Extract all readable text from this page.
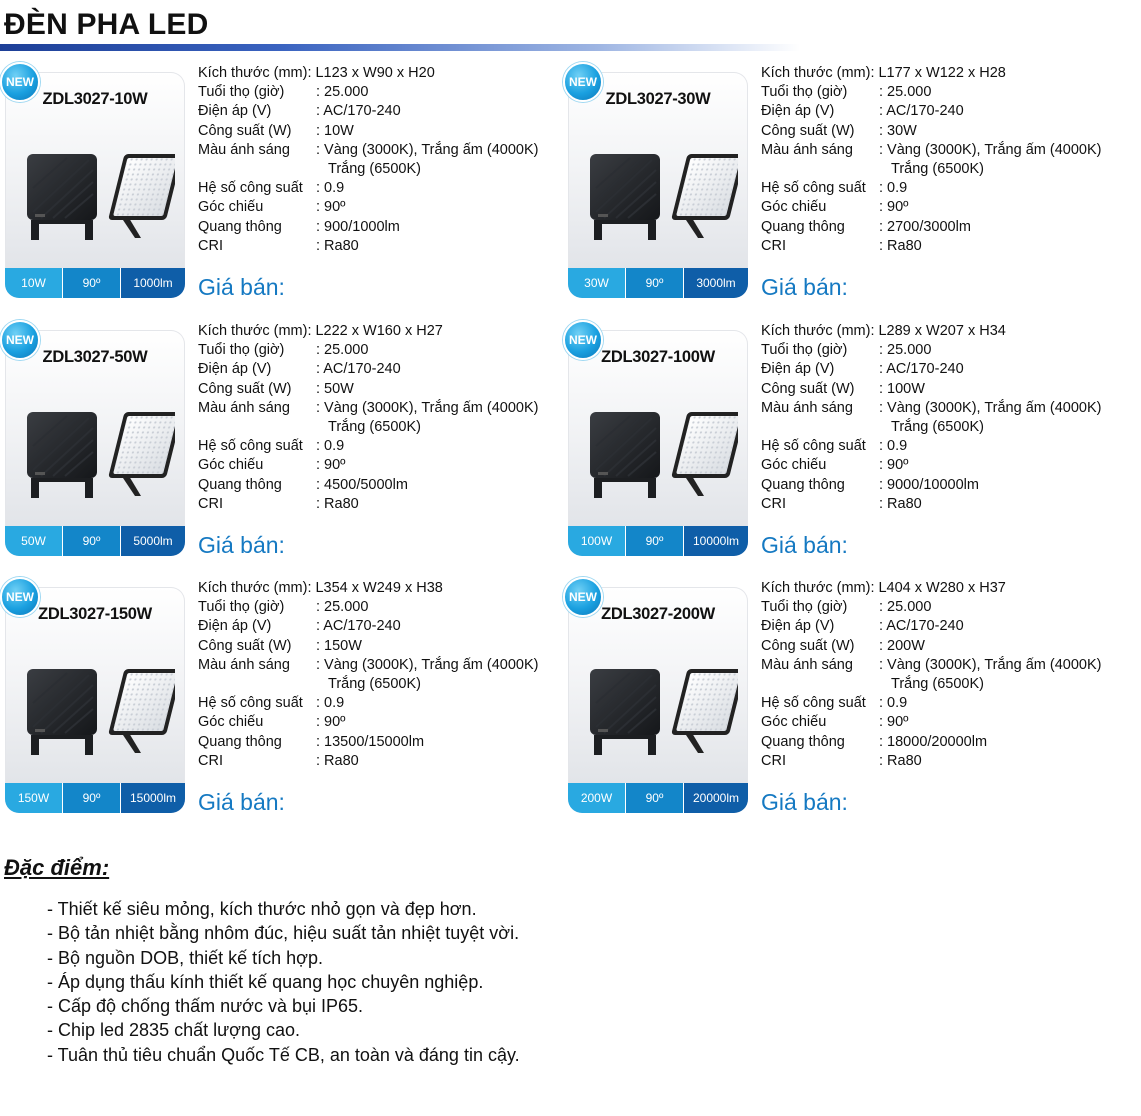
ĐÈN PHA LED
ZDL3027-10W
10W	90º	1000lm
NEW
Kích thước (mm): L123 x W90 x H20
Tuổi thọ (giờ)	: 25.000
Điện áp (V)	: AC/170-240
Công suất (W)	: 10W
Màu ánh sáng	: Vàng (3000K), Trắng ấm (4000K)
Trắng (6500K)
Hệ số công suất : 0.9
Góc chiếu	: 90º
Quang thông	: 900/1000lm
CRI	: Ra80
Giá bán:
ZDL3027-30W
30W	90º	3000lm
NEW
Kích thước (mm): L177 x W122 x H28
Tuổi thọ (giờ)	: 25.000
Điện áp (V)	: AC/170-240
Công suất (W)	: 30W
Màu ánh sáng	: Vàng (3000K), Trắng ấm (4000K)
Trắng (6500K)
Hệ số công suất : 0.9
Góc chiếu	: 90º
Quang thông	: 2700/3000lm
CRI	: Ra80
Giá bán:
ZDL3027-50W
50W	90º	5000lm
NEW
Kích thước (mm): L222 x W160 x H27
Tuổi thọ (giờ)	: 25.000
Điện áp (V)	: AC/170-240
Công suất (W)	: 50W
Màu ánh sáng	: Vàng (3000K), Trắng ấm (4000K)
Trắng (6500K)
Hệ số công suất : 0.9
Góc chiếu	: 90º
Quang thông	: 4500/5000lm
CRI	: Ra80
Giá bán:
ZDL3027-100W
100W	90º	10000lm
NEW
Kích thước (mm): L289 x W207 x H34
Tuổi thọ (giờ)	: 25.000
Điện áp (V)	: AC/170-240
Công suất (W)	: 100W
Màu ánh sáng	: Vàng (3000K), Trắng ấm (4000K)
Trắng (6500K)
Hệ số công suất : 0.9
Góc chiếu	: 90º
Quang thông	: 9000/10000lm
CRI	: Ra80
Giá bán:
ZDL3027-150W
150W	90º	15000lm
NEW
Kích thước (mm): L354 x W249 x H38
Tuổi thọ (giờ)	: 25.000
Điện áp (V)	: AC/170-240
Công suất (W)	: 150W
Màu ánh sáng	: Vàng (3000K), Trắng ấm (4000K)
Trắng (6500K)
Hệ số công suất : 0.9
Góc chiếu	: 90º
Quang thông	: 13500/15000lm
CRI	: Ra80
Giá bán:
ZDL3027-200W
200W	90º	20000lm
NEW
Kích thước (mm): L404 x W280 x H37
Tuổi thọ (giờ)	: 25.000
Điện áp (V)	: AC/170-240
Công suất (W)	: 200W
Màu ánh sáng	: Vàng (3000K), Trắng ấm (4000K)
Trắng (6500K)
Hệ số công suất : 0.9
Góc chiếu	: 90º
Quang thông	: 18000/20000lm
CRI	: Ra80
Giá bán:
Đặc điểm:
- Thiết kế siêu mỏng, kích thước nhỏ gọn và đẹp hơn.
- Bộ tản nhiệt bằng nhôm đúc, hiệu suất tản nhiệt tuyệt vời.
- Bộ nguồn DOB, thiết kế tích hợp.
- Áp dụng thấu kính thiết kế quang học chuyên nghiệp.
- Cấp độ chống thấm nước và bụi IP65.
- Chip led 2835 chất lượng cao.
- Tuân thủ tiêu chuẩn Quốc Tế CB, an toàn và đáng tin cậy.
